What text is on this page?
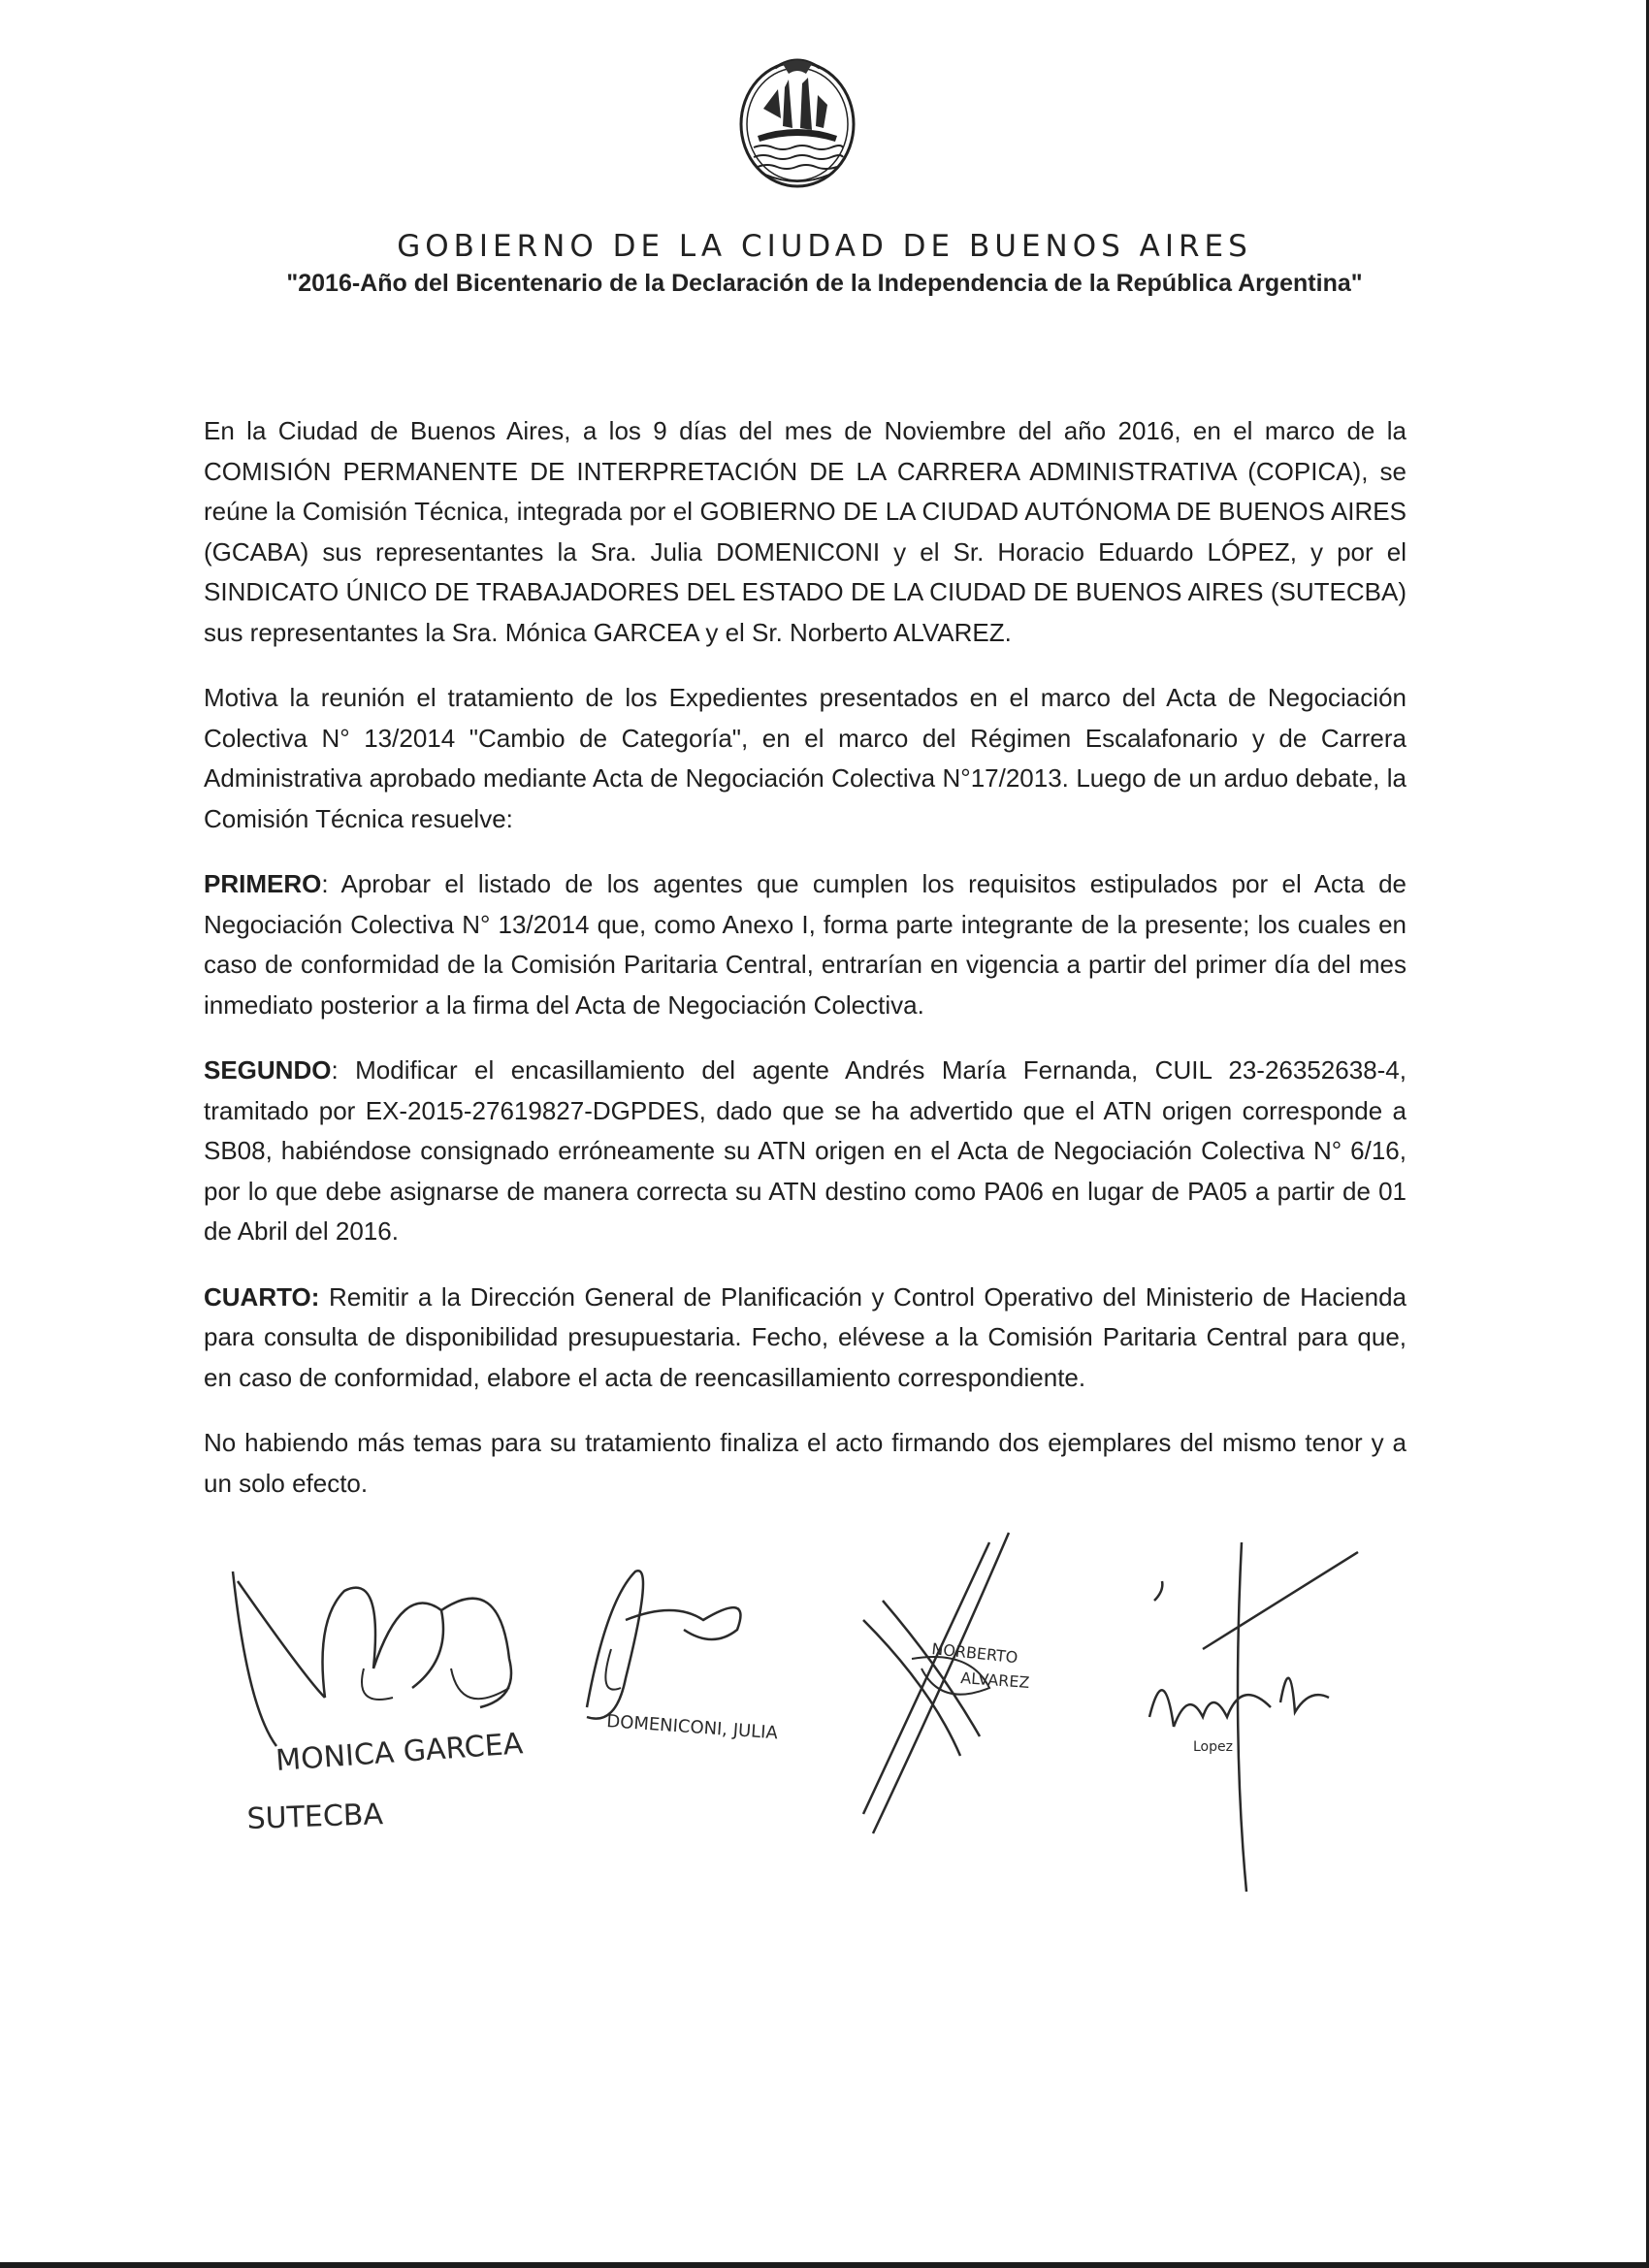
GOBIERNO DE LA CIUDAD DE BUENOS AIRES
"2016-Año del Bicentenario de la Declaración de la Independencia de la República Argentina"

En la Ciudad de Buenos Aires, a los 9 días del mes de Noviembre del año 2016, en el marco de la COMISIÓN PERMANENTE DE INTERPRETACIÓN DE LA CARRERA ADMINISTRATIVA (COPICA), se reúne la Comisión Técnica, integrada por el GOBIERNO DE LA CIUDAD AUTÓNOMA DE BUENOS AIRES (GCABA) sus representantes la Sra. Julia DOMENICONI y el Sr. Horacio Eduardo LÓPEZ, y por el SINDICATO ÚNICO DE TRABAJADORES DEL ESTADO DE LA CIUDAD DE BUENOS AIRES (SUTECBA) sus representantes la Sra. Mónica GARCEA y el Sr. Norberto ALVAREZ.

Motiva la reunión el tratamiento de los Expedientes presentados en el marco del Acta de Negociación Colectiva N° 13/2014 "Cambio de Categoría", en el marco del Régimen Escalafonario y de Carrera Administrativa aprobado mediante Acta de Negociación Colectiva N°17/2013. Luego de un arduo debate, la Comisión Técnica resuelve:

PRIMERO: Aprobar el listado de los agentes que cumplen los requisitos estipulados por el Acta de Negociación Colectiva N° 13/2014 que, como Anexo I, forma parte integrante de la presente; los cuales en caso de conformidad de la Comisión Paritaria Central, entrarían en vigencia a partir del primer día del mes inmediato posterior a la firma del Acta de Negociación Colectiva.

SEGUNDO: Modificar el encasillamiento del agente Andrés María Fernanda, CUIL 23-26352638-4, tramitado por EX-2015-27619827-DGPDES, dado que se ha advertido que el ATN origen corresponde a SB08, habiéndose consignado erróneamente su ATN origen en el Acta de Negociación Colectiva N° 6/16, por lo que debe asignarse de manera correcta su ATN destino como PA06 en lugar de PA05 a partir de 01 de Abril del 2016.

CUARTO: Remitir a la Dirección General de Planificación y Control Operativo del Ministerio de Hacienda para consulta de disponibilidad presupuestaria. Fecho, elévese a la Comisión Paritaria Central para que, en caso de conformidad, elabore el acta de reencasillamiento correspondiente.

No habiendo más temas para su tratamiento finaliza el acto firmando dos ejemplares del mismo tenor y a un solo efecto.

MONICA GARCEA
SUTECBA
DOMENICONI, JULIA
NORBERTO
ALVAREZ
Lopez
